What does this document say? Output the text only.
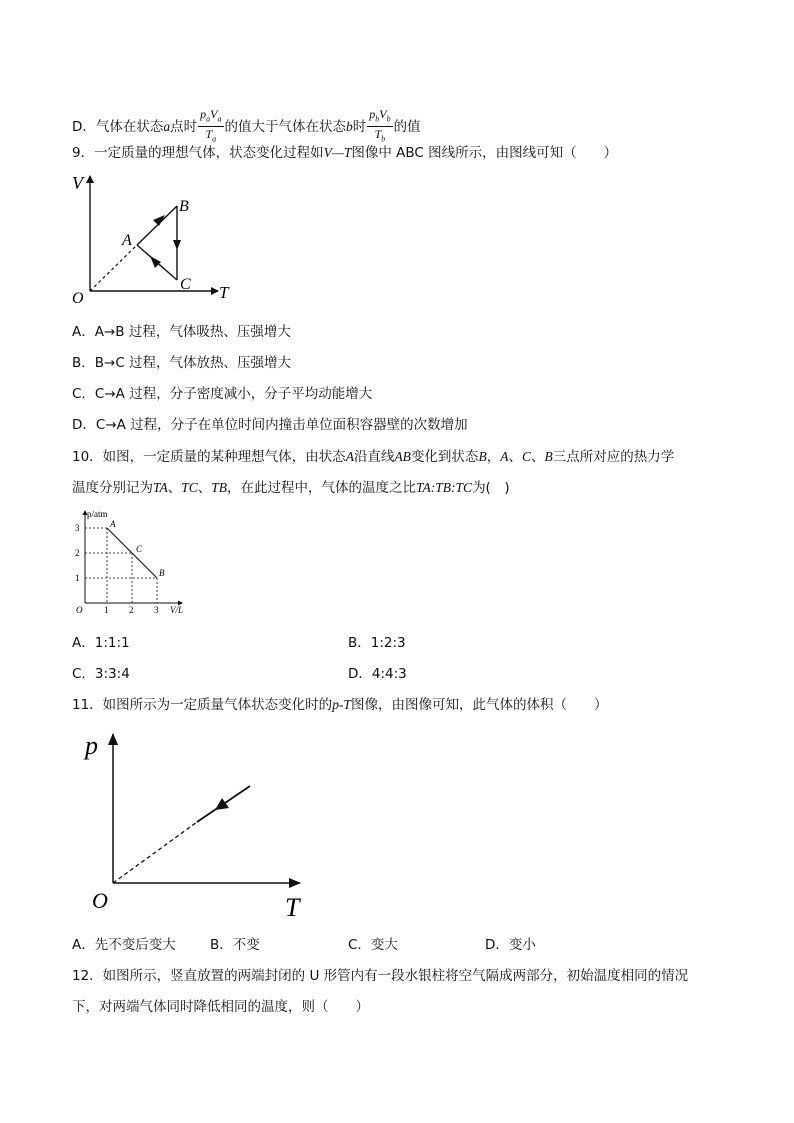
D．气体在状态a点时 $\frac{p_aV_a}{T_a}$ 的值大于气体在状态b时 $\frac{p_bV_b}{T_b}$ 的值
9．一定质量的理想气体，状态变化过程如V—T图像中 ABC 图线所示，由图线可知（　　）
V
T
O
A
B
C
A．A→B 过程，气体吸热、压强增大
B．B→C 过程，气体放热、压强增大
C．C→A 过程，分子密度减小，分子平均动能增大
D．C→A 过程，分子在单位时间内撞击单位面积容器壁的次数增加
10．如图，一定质量的某种理想气体，由状态A沿直线AB变化到状态B，A、C、B三点所对应的热力学
温度分别记为TA、TC、TB，在此过程中，气体的温度之比TA:TB:TC为(　)
p/atm
V/L
O
1
2
3
1 2 3
A
C
B
A．1:1:1	B．1:2:3
C．3:3:4	D．4:4:3
11．如图所示为一定质量气体状态变化时的p-T图像，由图像可知，此气体的体积（　　）
p
T
O
A．先不变后变大	B．不变	C．变大	D．变小
12．如图所示，竖直放置的两端封闭的 U 形管内有一段水银柱将空气隔成两部分，初始温度相同的情况
下，对两端气体同时降低相同的温度，则（　　）
